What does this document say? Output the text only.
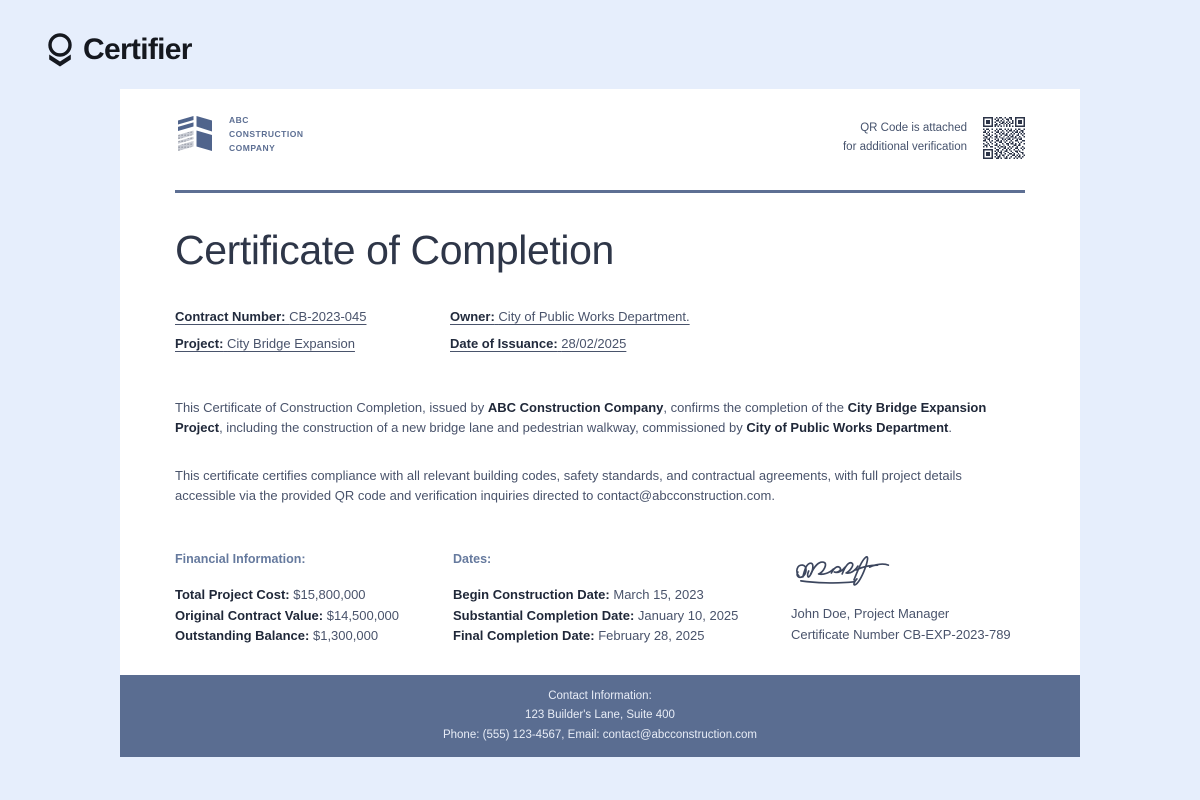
Certifier
ABC
CONSTRUCTION
COMPANY
QR Code is attached
for additional verification
Certificate of Completion
Contract Number: CB-2023-045	Owner: City of Public Works Department.
Project: City Bridge Expansion	Date of Issuance: 28/02/2025

This Certificate of Construction Completion, issued by ABC Construction Company, confirms the completion of the City Bridge Expansion Project, including the construction of a new bridge lane and pedestrian walkway, commissioned by City of Public Works Department.

This certificate certifies compliance with all relevant building codes, safety standards, and contractual agreements, with full project details accessible via the provided QR code and verification inquiries directed to contact@abcconstruction.com.

Financial Information:
Total Project Cost: $15,800,000
Original Contract Value: $14,500,000
Outstanding Balance: $1,300,000
Dates:
Begin Construction Date: March 15, 2023
Substantial Completion Date: January 10, 2025
Final Completion Date: February 28, 2025
John Doe, Project Manager
Certificate Number CB-EXP-2023-789
Contact Information:
123 Builder's Lane, Suite 400
Phone: (555) 123-4567, Email: contact@abcconstruction.com
